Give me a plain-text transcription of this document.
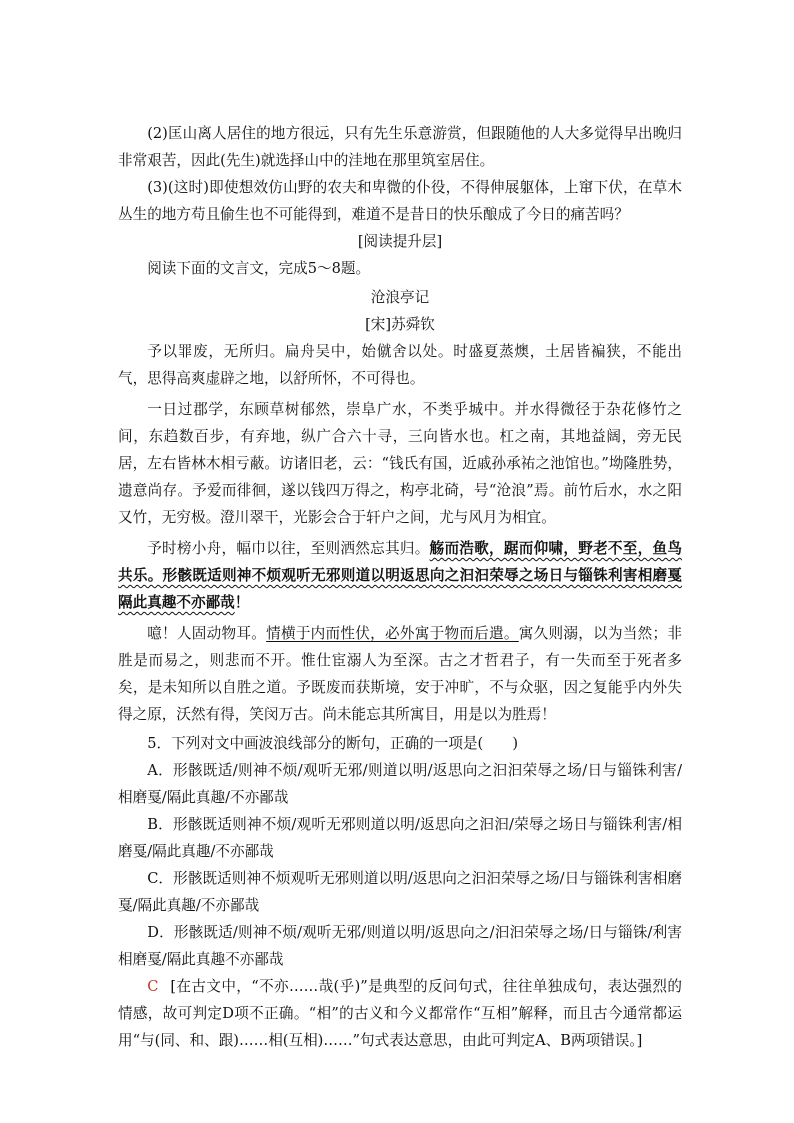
(2)匡山离人居住的地方很远，只有先生乐意游赏，但跟随他的人大多觉得早出晚归非常艰苦，因此(先生)就选择山中的洼地在那里筑室居住。

(3)(这时)即使想效仿山野的农夫和卑微的仆役，不得伸展躯体，上窜下伏，在草木丛生的地方苟且偷生也不可能得到，难道不是昔日的快乐酿成了今日的痛苦吗？

[阅读提升层]

阅读下面的文言文，完成5～8题。

沧浪亭记

[宋]苏舜钦

予以罪废，无所归。扁舟吴中，始僦舍以处。时盛夏蒸燠，土居皆褊狭，不能出气，思得高爽虚辟之地，以舒所怀，不可得也。

一日过郡学，东顾草树郁然，崇阜广水，不类乎城中。并水得微径于杂花修竹之间，东趋数百步，有弃地，纵广合六十寻，三向皆水也。杠之南，其地益阔，旁无民居，左右皆林木相亏蔽。访诸旧老，云：“钱氏有国，近戚孙承祐之池馆也。”坳隆胜势，遗意尚存。予爱而徘徊，遂以钱四万得之，构亭北碕，号“沧浪”焉。前竹后水，水之阳又竹，无穷极。澄川翠干，光影会合于轩户之间，尤与风月为相宜。

予时榜小舟，幅巾以往，至则洒然忘其归。觞而浩歌，踞而仰啸，野老不至，鱼鸟共乐。形骸既适则神不烦观听无邪则道以明返思向之汩汩荣辱之场日与锱铢利害相磨戛隔此真趣不亦鄙哉！

噫！人固动物耳。情横于内而性伏，必外寓于物而后遣。寓久则溺，以为当然；非胜是而易之，则悲而不开。惟仕宦溺人为至深。古之才哲君子，有一失而至于死者多矣，是未知所以自胜之道。予既废而获斯境，安于冲旷，不与众驱，因之复能乎内外失得之原，沃然有得，笑闵万古。尚未能忘其所寓目，用是以为胜焉！

5．下列对文中画波浪线部分的断句，正确的一项是(　　)

A．形骸既适/则神不烦/观听无邪/则道以明/返思向之汩汩荣辱之场/日与锱铢利害/相磨戛/隔此真趣/不亦鄙哉

B．形骸既适则神不烦/观听无邪则道以明/返思向之汩汩/荣辱之场日与锱铢利害/相磨戛/隔此真趣/不亦鄙哉

C．形骸既适则神不烦观听无邪则道以明/返思向之汩汩荣辱之场/日与锱铢利害相磨戛/隔此真趣/不亦鄙哉

D．形骸既适/则神不烦/观听无邪/则道以明/返思向之/汩汩荣辱之场/日与锱铢/利害相磨戛/隔此真趣不亦鄙哉

C [在古文中，“不亦……哉(乎)”是典型的反问句式，往往单独成句，表达强烈的情感，故可判定D项不正确。“相”的古义和今义都常作“互相”解释，而且古今通常都运用“与(同、和、跟)……相(互相)……”句式表达意思，由此可判定A、B两项错误。]
